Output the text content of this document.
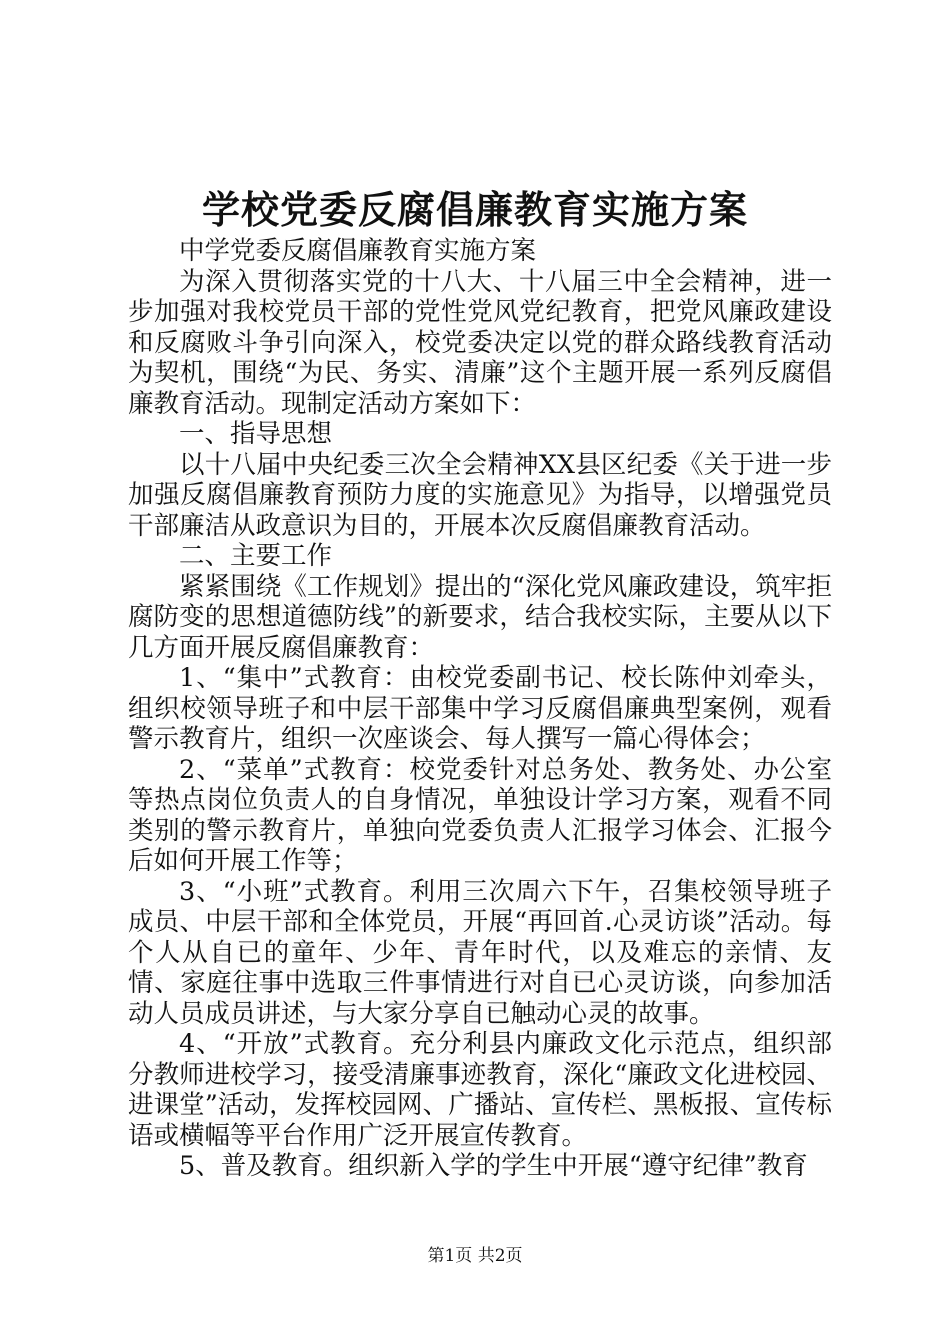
学校党委反腐倡廉教育实施方案

中学党委反腐倡廉教育实施方案

为深入贯彻落实党的十八大、十八届三中全会精神，进一步加强对我校党员干部的党性党风党纪教育，把党风廉政建设和反腐败斗争引向深入，校党委决定以党的群众路线教育活动为契机，围绕“为民、务实、清廉”这个主题开展一系列反腐倡廉教育活动。现制定活动方案如下：

一、指导思想

以十八届中央纪委三次全会精神XX县区纪委《关于进一步加强反腐倡廉教育预防力度的实施意见》为指导，以增强党员干部廉洁从政意识为目的，开展本次反腐倡廉教育活动。

二、主要工作

紧紧围绕《工作规划》提出的“深化党风廉政建设，筑牢拒腐防变的思想道德防线”的新要求，结合我校实际，主要从以下几方面开展反腐倡廉教育：

1、“集中”式教育：由校党委副书记、校长陈仲刘牵头，组织校领导班子和中层干部集中学习反腐倡廉典型案例，观看警示教育片，组织一次座谈会、每人撰写一篇心得体会；

2、“菜单”式教育：校党委针对总务处、教务处、办公室等热点岗位负责人的自身情况，单独设计学习方案，观看不同类别的警示教育片，单独向党委负责人汇报学习体会、汇报今后如何开展工作等；

3、“小班”式教育。利用三次周六下午，召集校领导班子成员、中层干部和全体党员，开展“再回首.心灵访谈”活动。每个人从自已的童年、少年、青年时代，以及难忘的亲情、友情、家庭往事中选取三件事情进行对自已心灵访谈，向参加活动人员成员讲述，与大家分享自已触动心灵的故事。

4、“开放”式教育。充分利县内廉政文化示范点，组织部分教师进校学习，接受清廉事迹教育，深化“廉政文化进校园、进课堂”活动，发挥校园网、广播站、宣传栏、黑板报、宣传标语或横幅等平台作用广泛开展宣传教育。

5、普及教育。组织新入学的学生中开展“遵守纪律”教育

第1页 共2页
